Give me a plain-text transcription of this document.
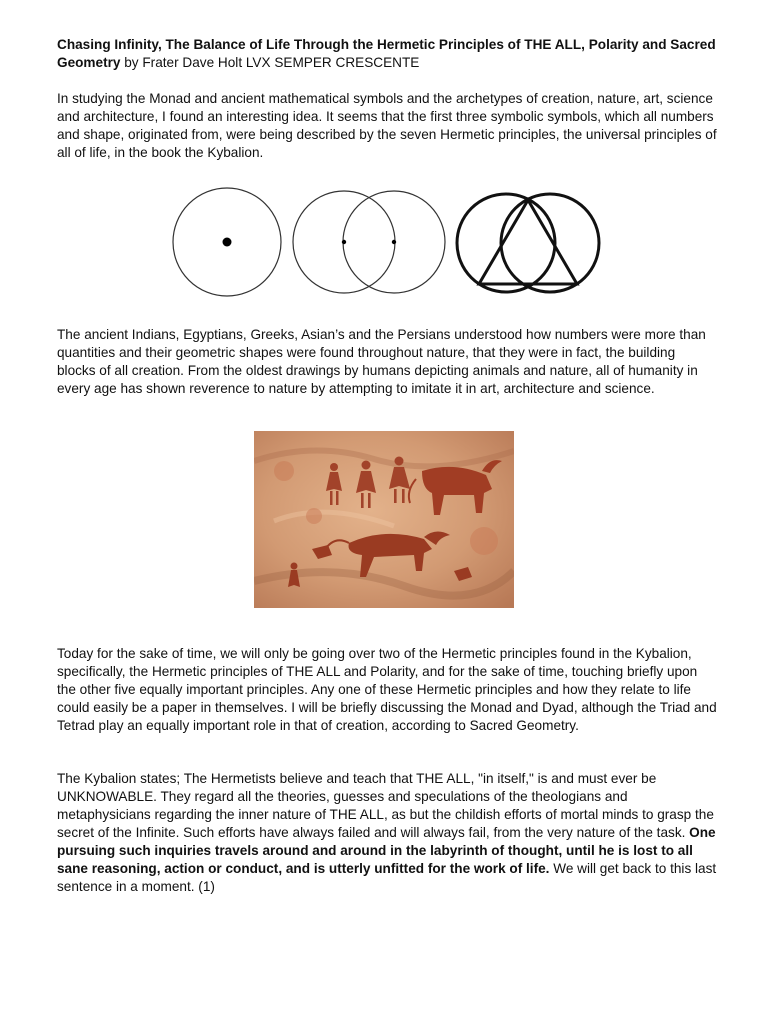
Chasing Infinity, The Balance of Life Through the Hermetic Principles of THE ALL, Polarity and Sacred Geometry by Frater Dave Holt LVX SEMPER CRESCENTE

In studying the Monad and ancient mathematical symbols and the archetypes of creation, nature, art, science and architecture, I found an interesting idea. It seems that the first three symbolic symbols, which all numbers and shape, originated from, were being described by the seven Hermetic principles, the universal principles of all of life, in the book the Kybalion.

The ancient Indians, Egyptians, Greeks, Asian’s and the Persians understood how numbers were more than quantities and their geometric shapes were found throughout nature, that they were in fact, the building blocks of all creation. From the oldest drawings by humans depicting animals and nature, all of humanity in every age has shown reverence to nature by attempting to imitate it in art, architecture and science.

Today for the sake of time, we will only be going over two of the Hermetic principles found in the Kybalion, specifically, the Hermetic principles of THE ALL and Polarity, and for the sake of time, touching briefly upon the other five equally important principles. Any one of these Hermetic principles and how they relate to life could easily be a paper in themselves. I will be briefly discussing the Monad and Dyad, although the Triad and Tetrad play an equally important role in that of creation, according to Sacred Geometry.

The Kybalion states; The Hermetists believe and teach that THE ALL, "in itself," is and must ever be UNKNOWABLE. They regard all the theories, guesses and speculations of the theologians and metaphysicians regarding the inner nature of THE ALL, as but the childish efforts of mortal minds to grasp the secret of the Infinite. Such efforts have always failed and will always fail, from the very nature of the task. One pursuing such inquiries travels around and around in the labyrinth of thought, until he is lost to all sane reasoning, action or conduct, and is utterly unfitted for the work of life. We will get back to this last sentence in a moment. (1)
